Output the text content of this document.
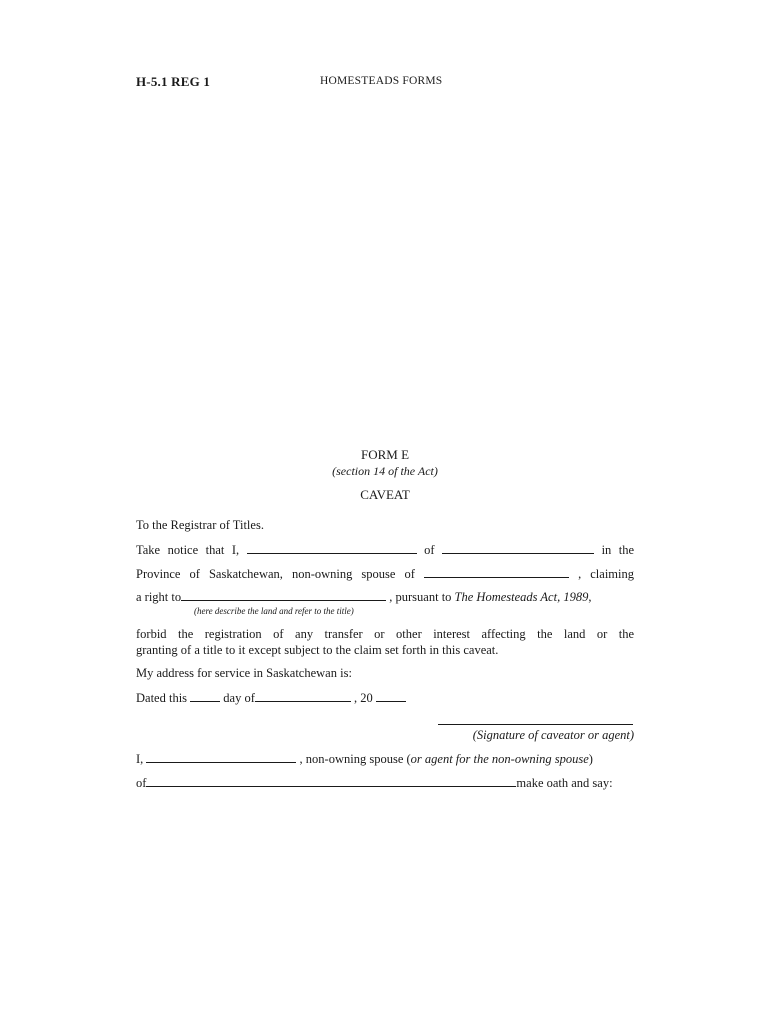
H-5.1 REG 1	HOMESTEADS FORMS
FORM E
(section 14 of the Act)
CAVEAT
To the Registrar of Titles.
Take notice that I,	of	in the
Province of Saskatchewan, non-owning spouse of	, claiming
a right to	, pursuant to The Homesteads Act, 1989,
(here describe the land and refer to the title)
forbid the registration of any transfer or other interest affecting the land or the
granting of a title to it except subject to the claim set forth in this caveat.
My address for service in Saskatchewan is:
Dated this	day of	, 20
(Signature of caveator or agent)
I,	, non-owning spouse (or agent for the non-owning spouse)
of	make oath and say:
